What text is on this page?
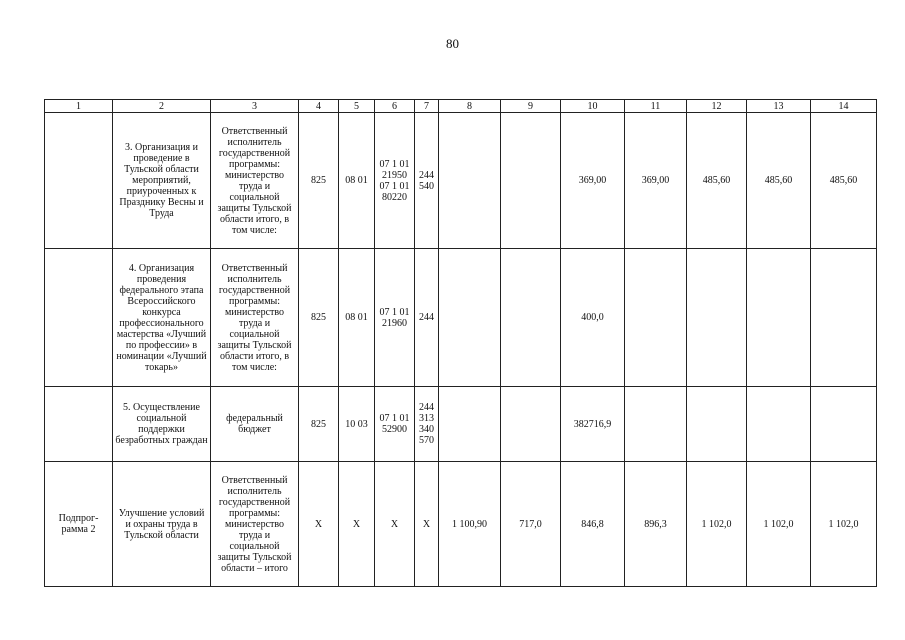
80
1	2	3	4	5	6	7	8	9	10	11	12	13	14
	3. Организация и проведение в Тульской области мероприятий, приуроченных к Празднику Весны и Труда	Ответственный исполнитель государственной программы: министерство труда и социальной защиты Тульской области итого, в том числе:	825	08 01	07 1 01 21950 07 1 01 80220	244 540			369,00	369,00	485,60	485,60	485,60
	4. Организация проведения федерального этапа Всероссийского конкурса профессионального мастерства «Лучший по профессии» в номинации «Лучший токарь»	Ответственный исполнитель государственной программы: министерство труда и социальной защиты Тульской области итого, в том числе:	825	08 01	07 1 01 21960	244			400,0				
	5. Осуществление социальной поддержки безработных граждан	федеральный бюджет	825	10 03	07 1 01 52900	244 313 340 570			382716,9				
Подпрог-рамма 2	Улучшение условий и охраны труда в Тульской области	Ответственный исполнитель государственной программы: министерство труда и социальной защиты Тульской области – итого	X	X	X	X	1 100,90	717,0	846,8	896,3	1 102,0	1 102,0	1 102,0
